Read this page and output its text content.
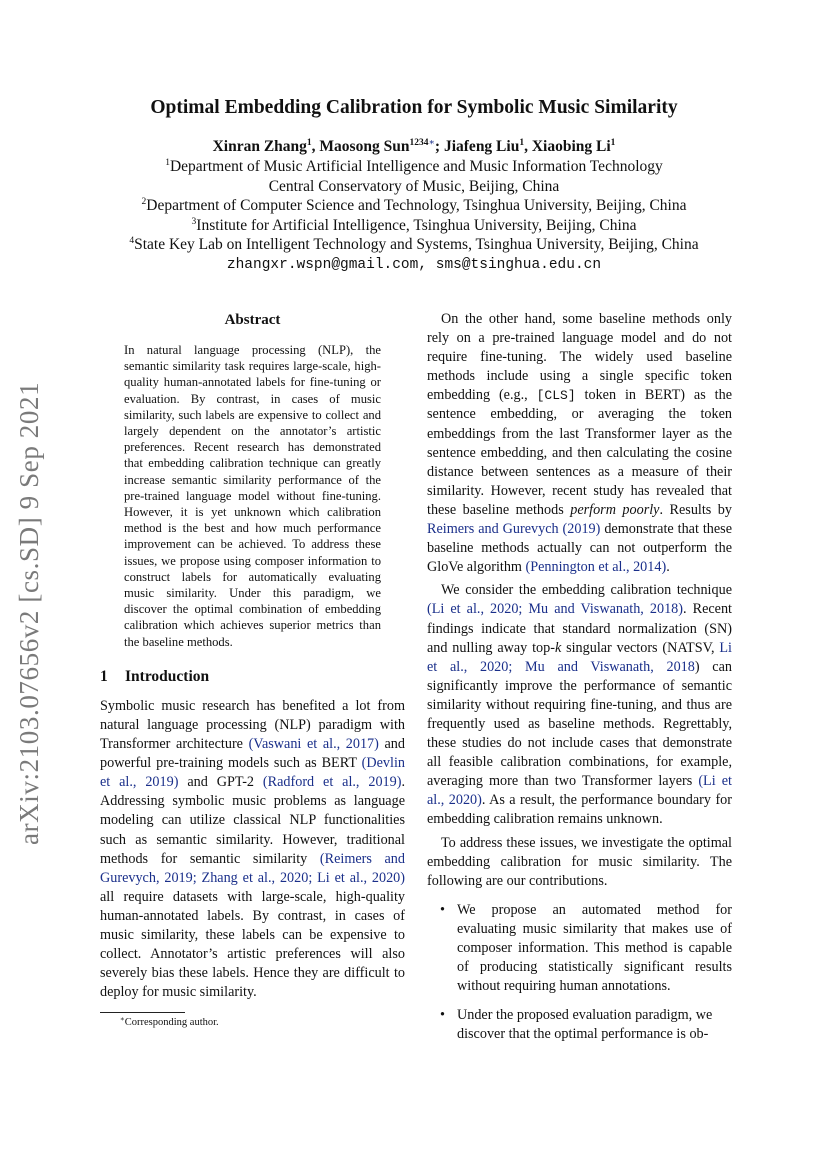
arXiv:2103.07656v2 [cs.SD] 9 Sep 2021
Optimal Embedding Calibration for Symbolic Music Similarity
Xinran Zhang$^1$, Maosong Sun$^{1234∗}$; Jiafeng Liu$^1$, Xiaobing Li$^1$
$^1$Department of Music Artificial Intelligence and Music Information Technology
Central Conservatory of Music, Beijing, China
$^2$Department of Computer Science and Technology, Tsinghua University, Beijing, China
$^3$Institute for Artificial Intelligence, Tsinghua University, Beijing, China
$^4$State Key Lab on Intelligent Technology and Systems, Tsinghua University, Beijing, China
zhangxr.wspn@gmail.com, sms@tsinghua.edu.cn
Abstract

In natural language processing (NLP), the semantic similarity task requires large-scale, high-quality human-annotated labels for fine-tuning or evaluation. By contrast, in cases of music similarity, such labels are expensive to collect and largely dependent on the annotator’s artistic preferences. Recent research has demonstrated that embedding calibration technique can greatly increase semantic similarity performance of the pre-trained language model without fine-tuning. However, it is yet unknown which calibration method is the best and how much performance improvement can be achieved. To address these issues, we propose using composer information to construct labels for automatically evaluating music similarity. Under this paradigm, we discover the optimal combination of embedding calibration which achieves superior metrics than the baseline methods.

1 Introduction

Symbolic music research has benefited a lot from natural language processing (NLP) paradigm with Transformer architecture (Vaswani et al., 2017) and powerful pre-training models such as BERT (Devlin et al., 2019) and GPT-2 (Radford et al., 2019). Addressing symbolic music problems as language modeling can utilize classical NLP functionalities such as semantic similarity. However, traditional methods for semantic similarity (Reimers and Gurevych, 2019; Zhang et al., 2020; Li et al., 2020) all require datasets with large-scale, high-quality human-annotated labels. By contrast, in cases of music similarity, these labels can be expensive to collect. Annotator’s artistic preferences will also severely bias these labels. Hence they are difficult to deploy for music similarity.

∗Corresponding author.

On the other hand, some baseline methods only rely on a pre-trained language model and do not require fine-tuning. The widely used baseline methods include using a single specific token embedding (e.g., [CLS] token in BERT) as the sentence embedding, or averaging the token embeddings from the last Transformer layer as the sentence embedding, and then calculating the cosine distance between sentences as a measure of their similarity. However, recent study has revealed that these baseline methods perform poorly. Results by Reimers and Gurevych (2019) demonstrate that these baseline methods actually can not outperform the GloVe algorithm (Pennington et al., 2014).

We consider the embedding calibration technique (Li et al., 2020; Mu and Viswanath, 2018). Recent findings indicate that standard normalization (SN) and nulling away top-k singular vectors (NATSV, Li et al., 2020; Mu and Viswanath, 2018) can significantly improve the performance of semantic similarity without requiring fine-tuning, and thus are frequently used as baseline methods. Regrettably, these studies do not include cases that demonstrate all feasible calibration combinations, for example, averaging more than two Transformer layers (Li et al., 2020). As a result, the performance boundary for embedding calibration remains unknown.

To address these issues, we investigate the optimal embedding calibration for music similarity. The following are our contributions.

• We propose an automated method for evaluating music similarity that makes use of composer information. This method is capable of producing statistically significant results without requiring human annotations.
• Under the proposed evaluation paradigm, we discover that the optimal performance is ob-
